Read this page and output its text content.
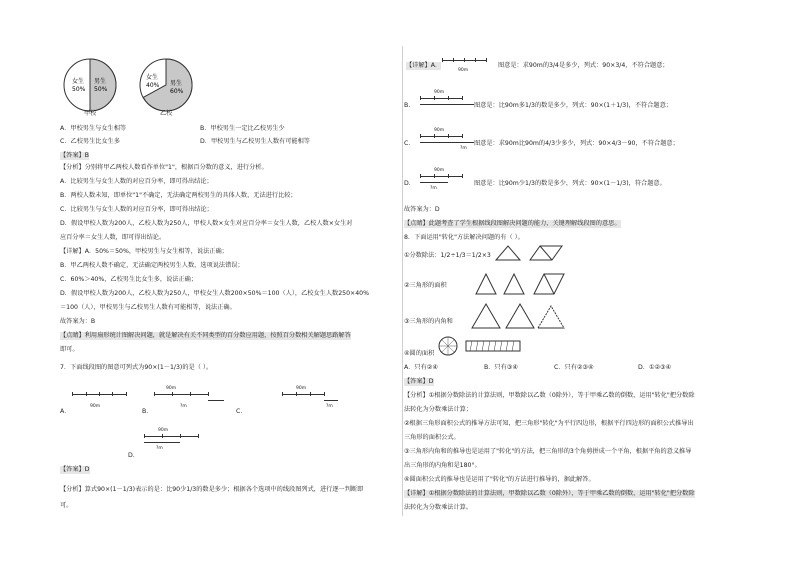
女生
50%
男生
50%
甲校
女生
40% 男生
60%
乙校
A．甲校男生与女生相等	B．甲校男生一定比乙校男生少
C．乙校男生比女生多	D．甲校男生与乙校男生人数有可能相等
【答案】B
【分析】分别将甲乙两校人数看作单位"1"，根据百分数的意义，进行分析。
A．比较男生与女生人数的对应百分率，即可得出结论；
B．两校人数未知，即单位"1"不确定，无法确定两校男生的具体人数，无法进行比较；
C．比较男生与女生人数的对应百分率，即可得出结论；
D．假设甲校人数为200人，乙校人数为250人，甲校人数×女生对应百分率＝女生人数，乙校人数×女生对
应百分率＝女生人数，即可得出结论。
【详解】A．50%＝50%，甲校男生与女生相等，说法正确；
B．甲乙两校人数不确定，无法确定两校男生人数，选项说法错误；
C．60%＞40%，乙校男生比女生多，说法正确；
D．假设甲校人数为200人，乙校人数为250人，甲校女生人数200×50%＝100（人），乙校女生人数250×40%
＝100（人），甲校男生与乙校男生人数有可能相等，说法正确。
故答案为：B
【点睛】利用扇形统计图解决问题，就是解决有关不同类型的百分数应用题，按照百分数相关解题思路解答
即可。
7．下面线段图的图意可列式为90×(1－1/3)的是（ ）。
A．
90m
B．
90m
?m
C．
90m
?m
D．
90m
?m
【答案】D
【分析】算式90×(1－1/3)表示的是：比90少1/3的数是多少；根据各个选项中的线段图列式，进行逐一判断即
可。
【详解】A．
90m
图意是：求90m的3/4是多少，列式：90×3/4，不符合题意；
B．
90m
图意是：比90m多1/3的数是多少，列式：90×(1＋1/3)，不符合题意；
C．
90m
?m
图意是：求90m比90m的4/3少多少，列式：90×4/3－90，不符合题意；
D．
90m
?m
图意是：比90m少1/3的数是多少，列式：90×(1－1/3)，符合题意。
故答案为：D
【点睛】此题考查了学生根据线段图解决问题的能力，关键理解线段图的意思。
8．下面运用"转化"方法解决问题的有（ ）。
①分数除法：1/2÷1/3＝1/2×3
②三角形的面积
③三角形的内角和
④圆的面积
A．只有②④	B．只有③④	C．只有②③④	D．①②③④
【答案】D
【分析】①根据分数除法的计算法则，甲数除以乙数（0除外），等于甲乘乙数的倒数，运用"转化"把分数除
法转化为分数乘法计算；
②根据三角形面积公式的推导方法可知，把三角形"转化"为平行四边形，根据平行四边形的面积公式推导出
三角形的面积公式。
③三角形内角和的推导也是运用了"转化"的方法，把三角形的3个角剪拼成一个平角，根据平角的意义推导
出三角形的内角和是180°。
④圆面积公式的推导也是运用了"转化"的方法进行推导的，据此解答。
【详解】①根据分数除法的计算法则，甲数除以乙数（0除外），等于甲乘乙数的倒数，运用"转化"把分数除
法转化为分数乘法计算。
